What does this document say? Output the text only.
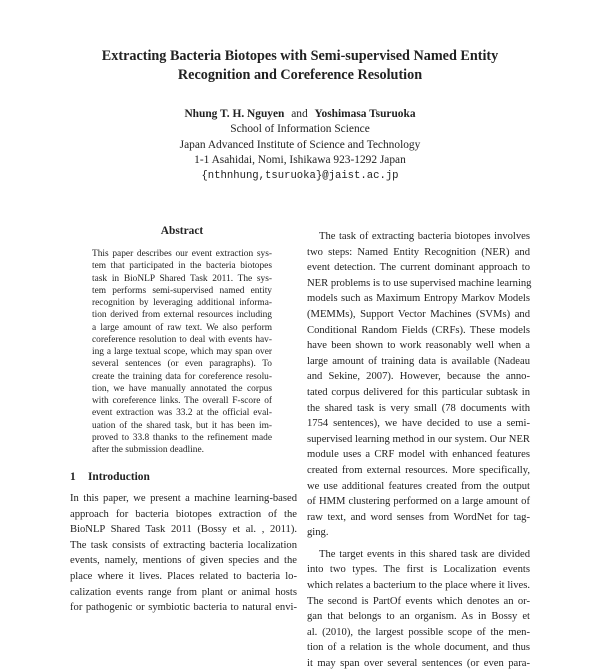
Extracting Bacteria Biotopes with Semi-supervised Named Entity
Recognition and Coreference Resolution
Nhung T. H. Nguyen and Yoshimasa Tsuruoka
School of Information Science
Japan Advanced Institute of Science and Technology
1-1 Asahidai, Nomi, Ishikawa 923-1292 Japan
{nthnhung,tsuruoka}@jaist.ac.jp
Abstract
This paper describes our event extraction sys-
tem that participated in the bacteria biotopes
task in BioNLP Shared Task 2011. The sys-
tem performs semi-supervised named entity
recognition by leveraging additional informa-
tion derived from external resources including
a large amount of raw text. We also perform
coreference resolution to deal with events hav-
ing a large textual scope, which may span over
several sentences (or even paragraphs). To
create the training data for coreference resolu-
tion, we have manually annotated the corpus
with coreference links. The overall F-score of
event extraction was 33.2 at the official eval-
uation of the shared task, but it has been im-
proved to 33.8 thanks to the refinement made
after the submission deadline.
1 Introduction
In this paper, we present a machine learning-based
approach for bacteria biotopes extraction of the
BioNLP Shared Task 2011 (Bossy et al. , 2011).
The task consists of extracting bacteria localization
events, namely, mentions of given species and the
place where it lives. Places related to bacteria lo-
calization events range from plant or animal hosts
for pathogenic or symbiotic bacteria to natural envi-
The task of extracting bacteria biotopes involves
two steps: Named Entity Recognition (NER) and
event detection. The current dominant approach to
NER problems is to use supervised machine learning
models such as Maximum Entropy Markov Models
(MEMMs), Support Vector Machines (SVMs) and
Conditional Random Fields (CRFs). These models
have been shown to work reasonably well when a
large amount of training data is available (Nadeau
and Sekine, 2007). However, because the anno-
tated corpus delivered for this particular subtask in
the shared task is very small (78 documents with
1754 sentences), we have decided to use a semi-
supervised learning method in our system. Our NER
module uses a CRF model with enhanced features
created from external resources. More specifically,
we use additional features created from the output
of HMM clustering performed on a large amount of
raw text, and word senses from WordNet for tag-
ging.
The target events in this shared task are divided
into two types. The first is Localization events
which relates a bacterium to the place where it lives.
The second is PartOf events which denotes an or-
gan that belongs to an organism. As in Bossy et
al. (2010), the largest possible scope of the men-
tion of a relation is the whole document, and thus
it may span over several sentences (or even para-
